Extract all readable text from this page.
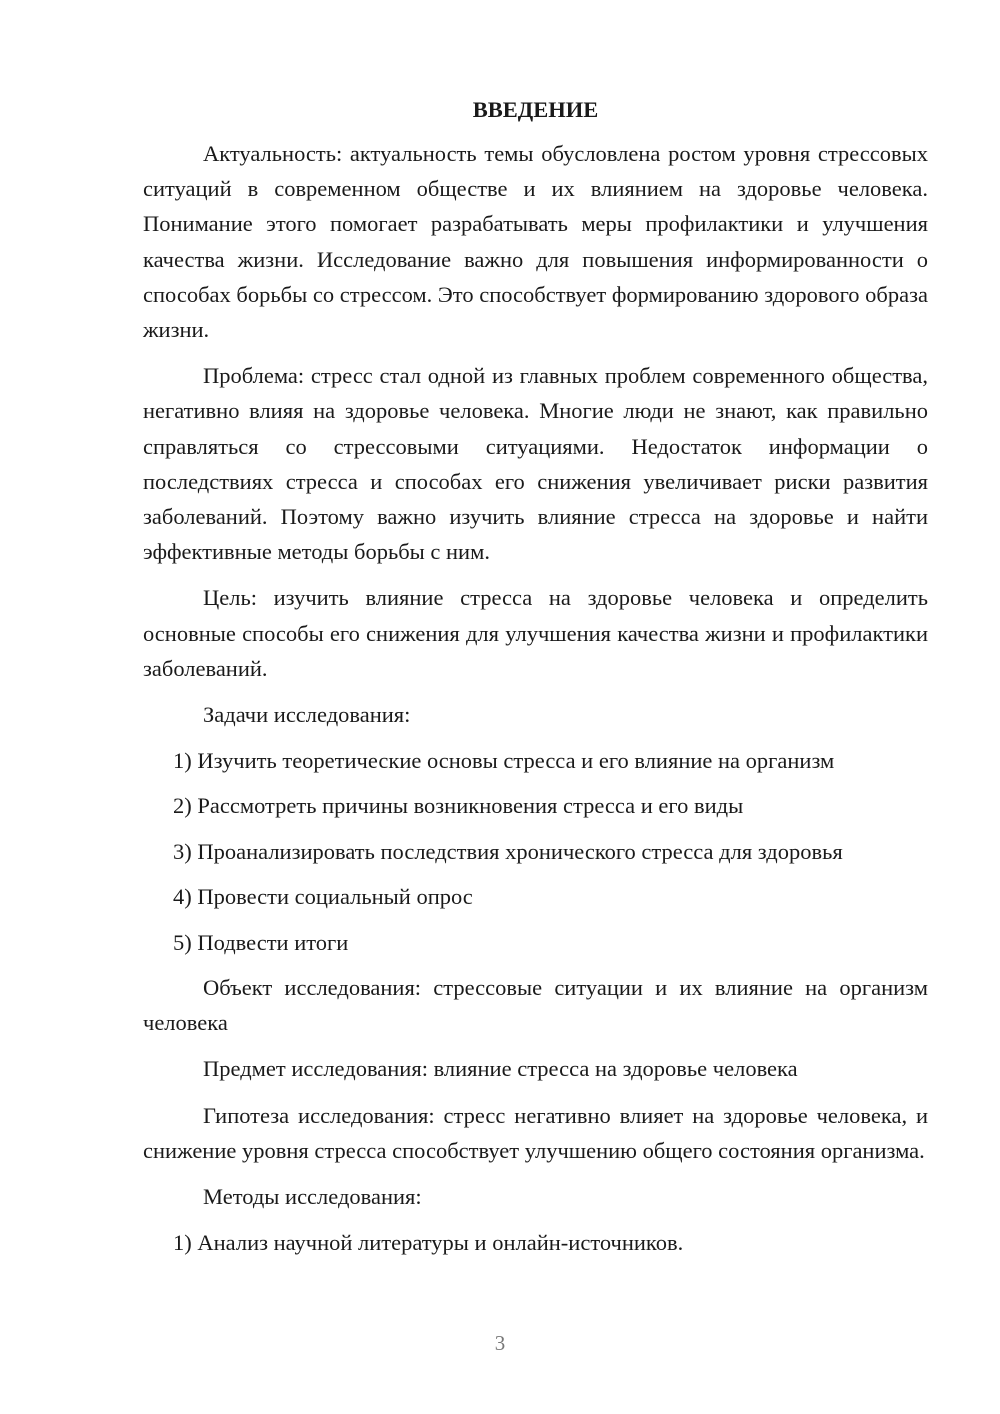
ВВЕДЕНИЕ

Актуальность: актуальность темы обусловлена ростом уровня стрессовых ситуаций в современном обществе и их влиянием на здоровье человека. Понимание этого помогает разрабатывать меры профилактики и улучшения качества жизни. Исследование важно для повышения информированности о способах борьбы со стрессом. Это способствует формированию здорового образа жизни.

Проблема: стресс стал одной из главных проблем современного общества, негативно влияя на здоровье человека. Многие люди не знают, как правильно справляться со стрессовыми ситуациями. Недостаток информации о последствиях стресса и способах его снижения увеличивает риски развития заболеваний. Поэтому важно изучить влияние стресса на здоровье и найти эффективные методы борьбы с ним.

Цель: изучить влияние стресса на здоровье человека и определить основные способы его снижения для улучшения качества жизни и профилактики заболеваний.

Задачи исследования:
1) Изучить теоретические основы стресса и его влияние на организм
2) Рассмотреть причины возникновения стресса и его виды
3) Проанализировать последствия хронического стресса для здоровья
4) Провести социальный опрос
5) Подвести итоги

Объект исследования: стрессовые ситуации и их влияние на организм человека

Предмет исследования: влияние стресса на здоровье человека

Гипотеза исследования: стресс негативно влияет на здоровье человека, и снижение уровня стресса способствует улучшению общего состояния организма.

Методы исследования:
1) Анализ научной литературы и онлайн-источников.
3
